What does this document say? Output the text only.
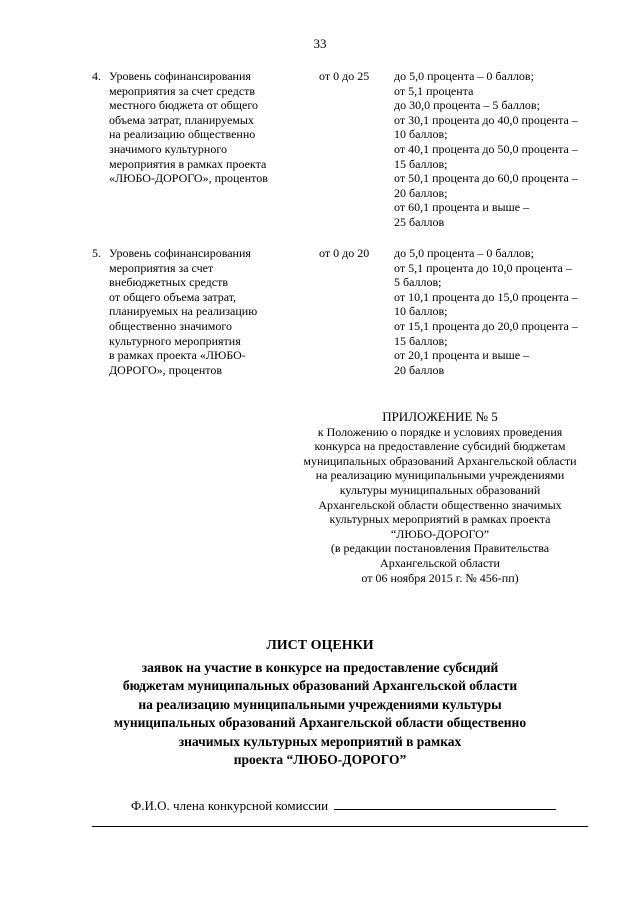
33
4. Уровень софинансирования
мероприятия за счет средств
местного бюджета от общего
объема затрат, планируемых
на реализацию общественно
значимого культурного
мероприятия в рамках проекта
«ЛЮБО-ДОРОГО», процентов
от 0 до 25 до 5,0 процента – 0 баллов;
от 5,1 процента
до 30,0 процента – 5 баллов;
от 30,1 процента до 40,0 процента –
10 баллов;
от 40,1 процента до 50,0 процента –
15 баллов;
от 50,1 процента до 60,0 процента –
20 баллов;
от 60,1 процента и выше –
25 баллов
5. Уровень софинансирования
мероприятия за счет
внебюджетных средств
от общего объема затрат,
планируемых на реализацию
общественно значимого
культурного мероприятия
в рамках проекта «ЛЮБО-
ДОРОГО», процентов
от 0 до 20 до 5,0 процента – 0 баллов;
от 5,1 процента до 10,0 процента –
5 баллов;
от 10,1 процента до 15,0 процента –
10 баллов;
от 15,1 процента до 20,0 процента –
15 баллов;
от 20,1 процента и выше –
20 баллов
ПРИЛОЖЕНИЕ № 5
к Положению о порядке и условиях проведения
конкурса на предоставление субсидий бюджетам
муниципальных образований Архангельской области
на реализацию муниципальными учреждениями
культуры муниципальных образований
Архангельской области общественно значимых
культурных мероприятий в рамках проекта
“ЛЮБО-ДОРОГО”
(в редакции постановления Правительства
Архангельской области
от 06 ноября 2015 г. № 456-пп)
ЛИСТ ОЦЕНКИ
заявок на участие в конкурсе на предоставление субсидий
бюджетам муниципальных образований Архангельской области
на реализацию муниципальными учреждениями культуры
муниципальных образований Архангельской области общественно
значимых культурных мероприятий в рамках
проекта “ЛЮБО-ДОРОГО”
Ф.И.О. члена конкурсной комиссии
